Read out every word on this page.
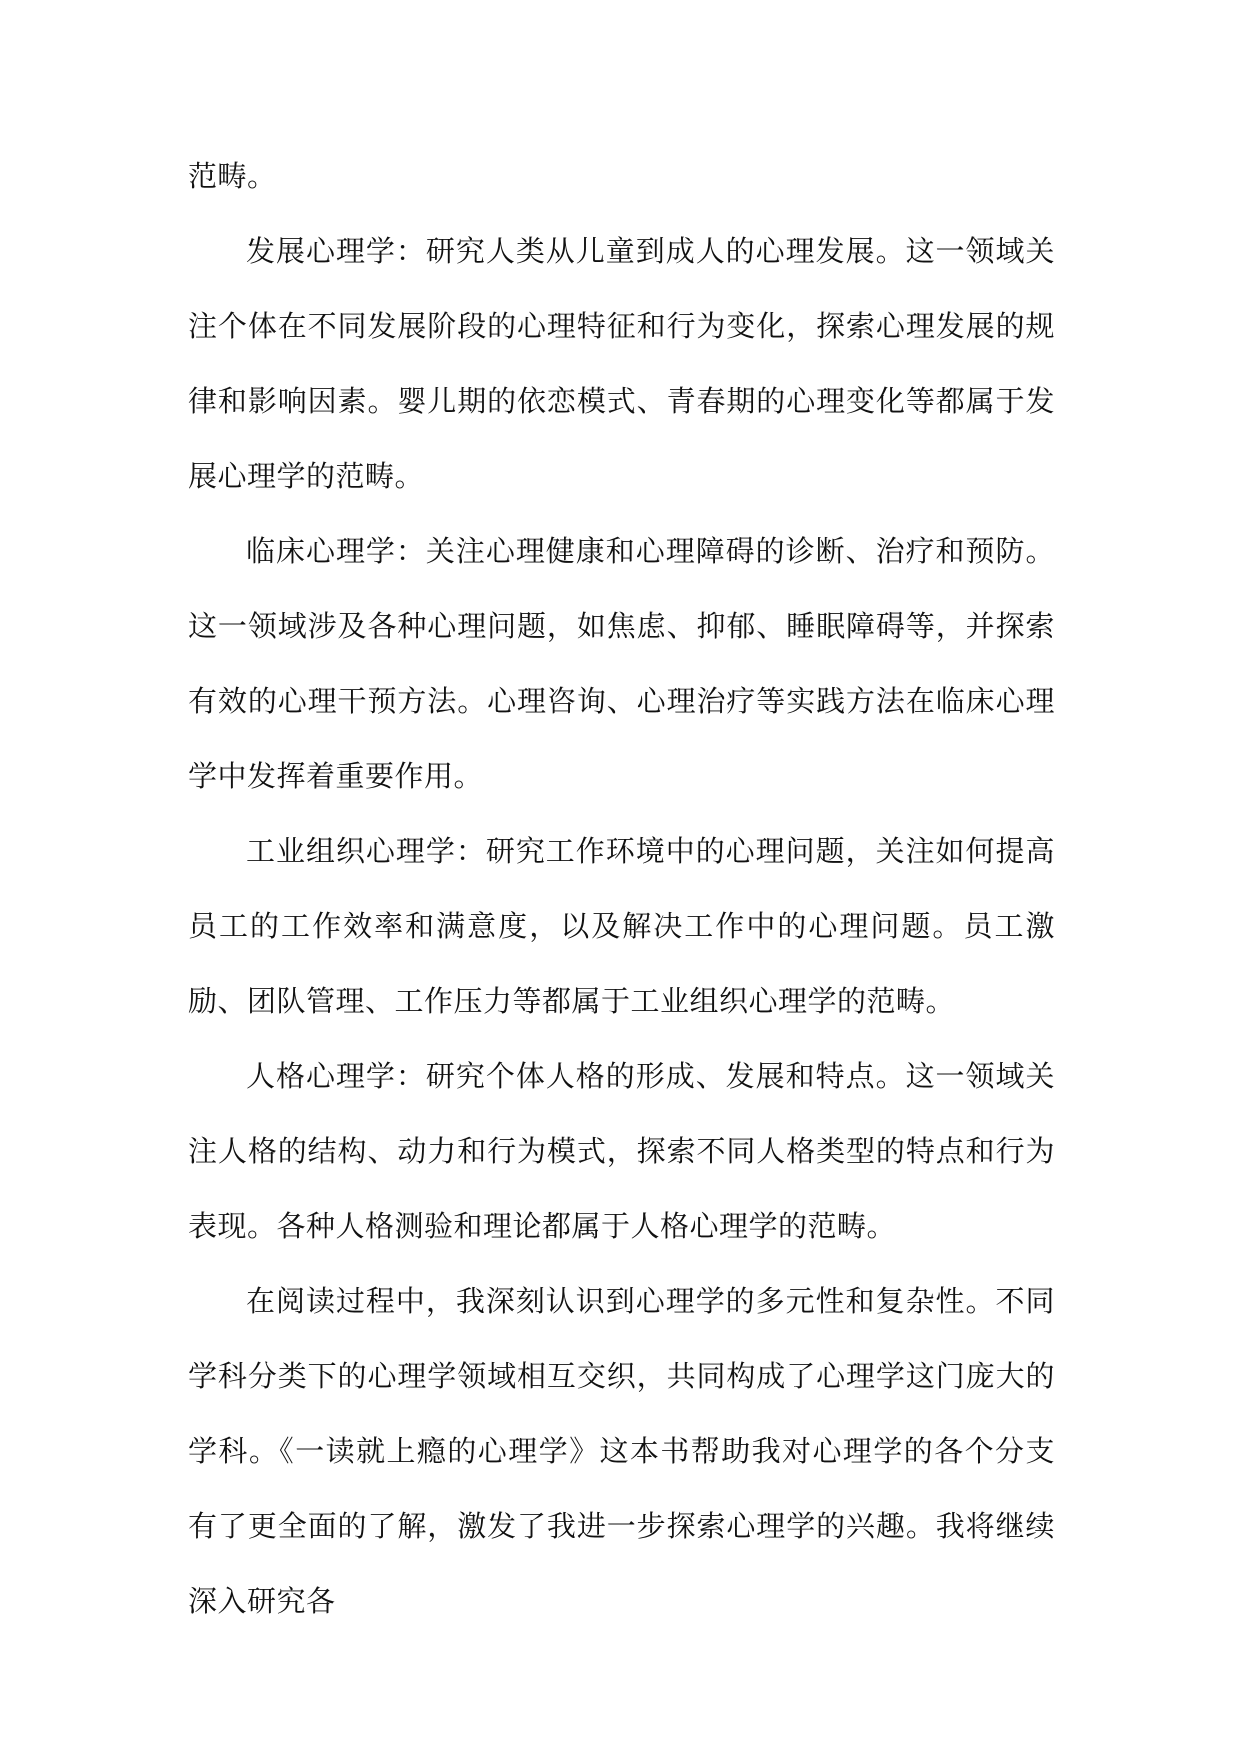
范畴。

发展心理学：研究人类从儿童到成人的心理发展。这一领域关注个体在不同发展阶段的心理特征和行为变化，探索心理发展的规律和影响因素。婴儿期的依恋模式、青春期的心理变化等都属于发展心理学的范畴。

临床心理学：关注心理健康和心理障碍的诊断、治疗和预防。这一领域涉及各种心理问题，如焦虑、抑郁、睡眠障碍等，并探索有效的心理干预方法。心理咨询、心理治疗等实践方法在临床心理学中发挥着重要作用。

工业组织心理学：研究工作环境中的心理问题，关注如何提高员工的工作效率和满意度，以及解决工作中的心理问题。员工激励、团队管理、工作压力等都属于工业组织心理学的范畴。

人格心理学：研究个体人格的形成、发展和特点。这一领域关注人格的结构、动力和行为模式，探索不同人格类型的特点和行为表现。各种人格测验和理论都属于人格心理学的范畴。

在阅读过程中，我深刻认识到心理学的多元性和复杂性。不同学科分类下的心理学领域相互交织，共同构成了心理学这门庞大的学科。《一读就上瘾的心理学》这本书帮助我对心理学的各个分支有了更全面的了解，激发了我进一步探索心理学的兴趣。我将继续深入研究各
